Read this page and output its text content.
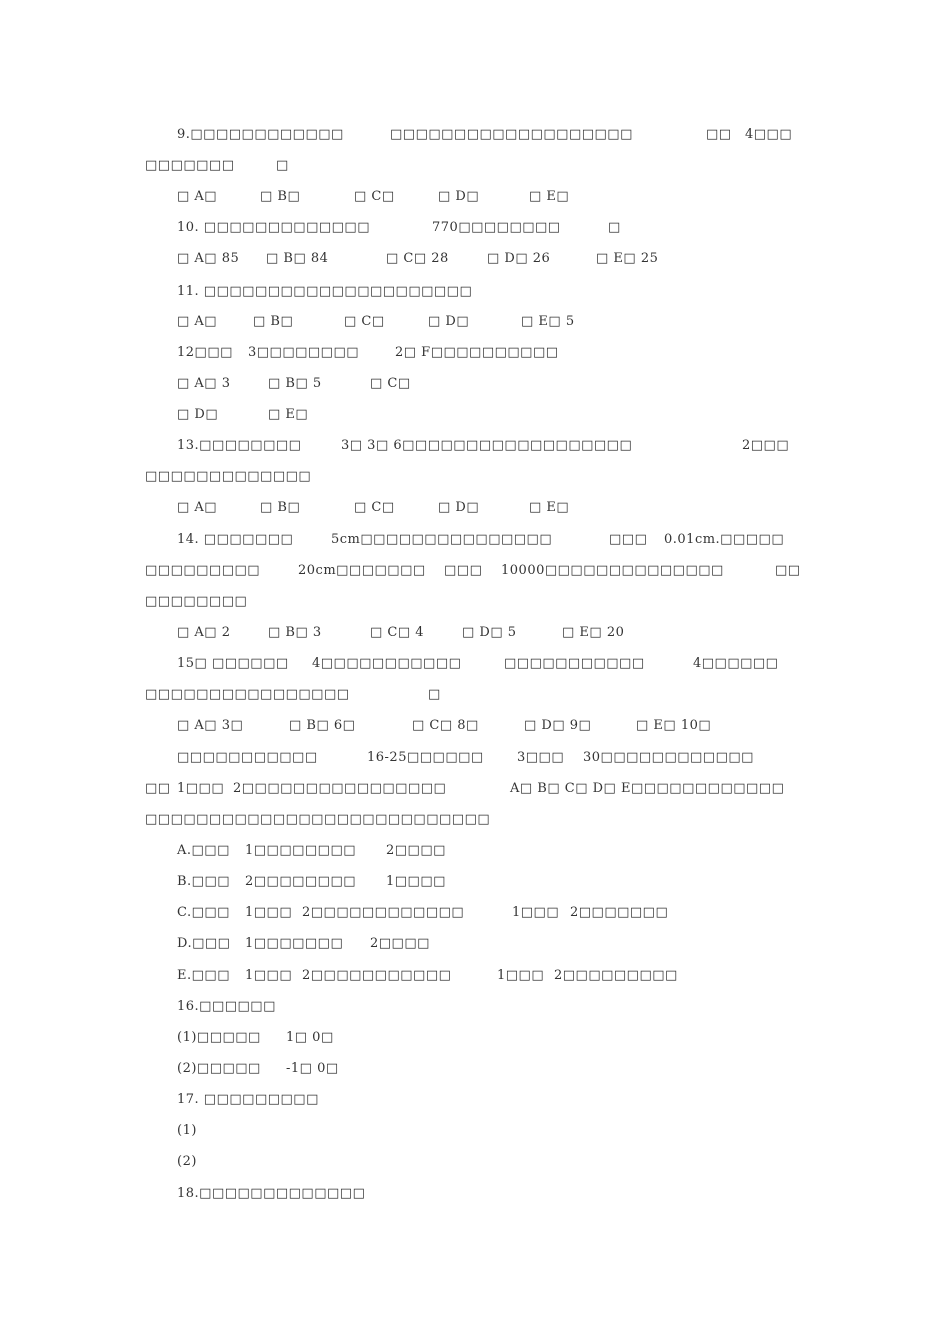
9.□□□□□□□□□□□□	□□□□□□□□□□□□□□□□□□□	□□ 4□□□
□□□□□□□	□
□ A□	□ B□	□ C□	□ D□	□ E□
10. □□□□□□□□□□□□□	770□□□□□□□□	□
□ A□ 85 □ B□ 84	□ C□ 28	□ D□ 26	□ E□ 25
11. □□□□□□□□□□□□□□□□□□□□□
□ A□	□ B□	□ C□	□ D□	□ E□ 5
12□□□ 3□□□□□□□□	2□ F□□□□□□□□□□
□ A□ 3	□ B□ 5	□ C□
□ D□	□ E□
13.□□□□□□□□	3□ 3□ 6□□□□□□□□□□□□□□□□□□	2□□□
□□□□□□□□□□□□□
□ A□	□ B□	□ C□	□ D□	□ E□
14. □□□□□□□	5cm□□□□□□□□□□□□□□□	□□□ 0.01cm.□□□□□
□□□□□□□□□	20cm□□□□□□□ □□□ 10000□□□□□□□□□□□□□□	□□
□□□□□□□□
□ A□ 2	□ B□ 3	□ C□ 4	□ D□ 5	□ E□ 20
15□ □□□□□□ 4□□□□□□□□□□□	□□□□□□□□□□□	4□□□□□□
□□□□□□□□□□□□□□□□	□
□ A□ 3□	□ B□ 6□	□ C□ 8□	□ D□ 9□	□ E□ 10□
□□□□□□□□□□□	16-25□□□□□□	3□□□ 30□□□□□□□□□□□□
□□ 1□□□ 2□□□□□□□□□□□□□□□□	A□ B□ C□ D□ E□□□□□□□□□□□□
□□□□□□□□□□□□□□□□□□□□□□□□□□□
A.□□□ 1□□□□□□□□ 2□□□□
B.□□□ 2□□□□□□□□ 1□□□□
C.□□□ 1□□□ 2□□□□□□□□□□□□	1□□□ 2□□□□□□□
D.□□□ 1□□□□□□□ 2□□□□
E.□□□ 1□□□ 2□□□□□□□□□□□	1□□□ 2□□□□□□□□□
16.□□□□□□
(1)□□□□□ 1□ 0□
(2)□□□□□ -1□ 0□
17. □□□□□□□□□
(1)
(2)
18.□□□□□□□□□□□□□
